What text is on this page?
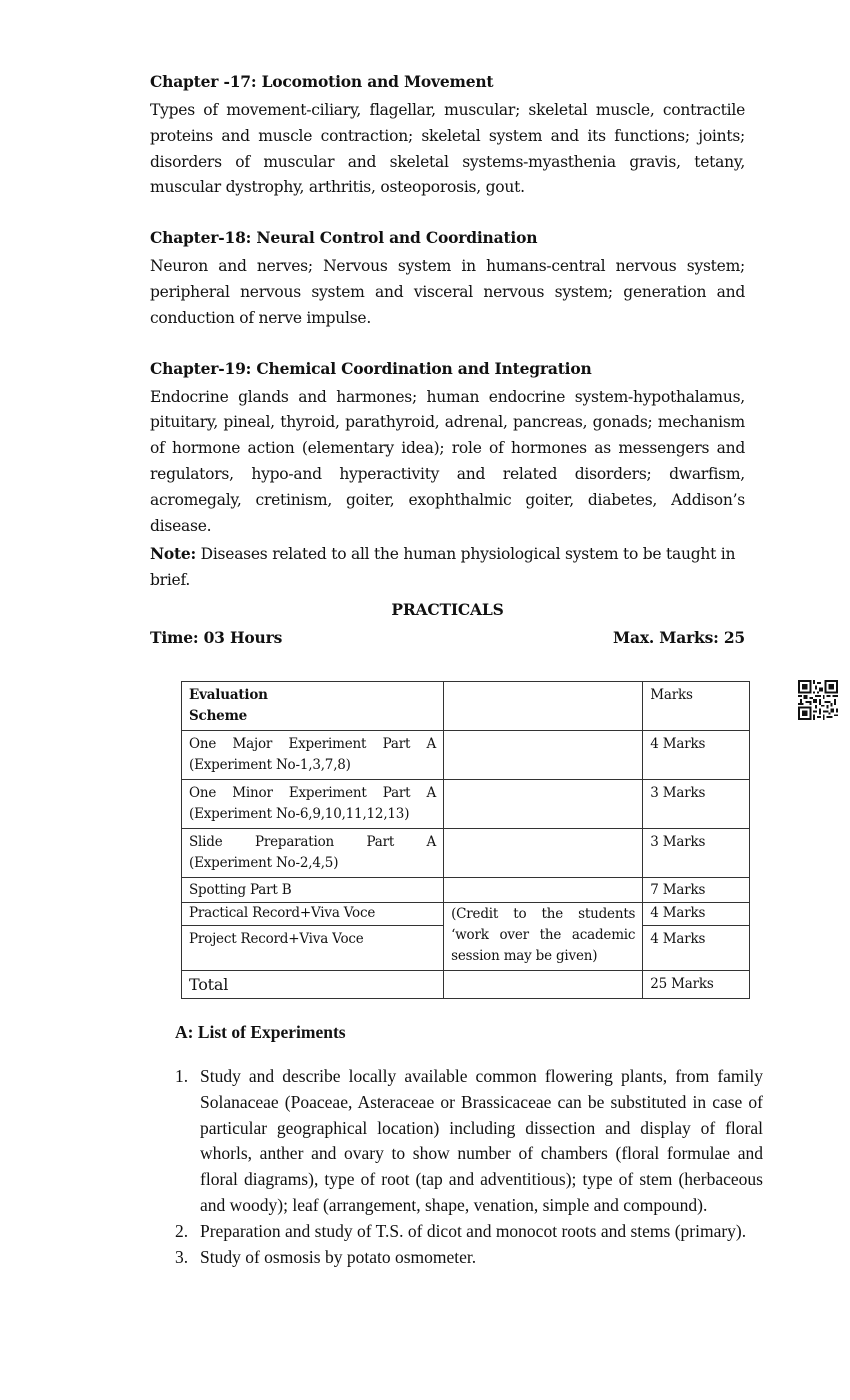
Chapter -17: Locomotion and Movement

Types of movement-ciliary, flagellar, muscular; skeletal muscle, contractile proteins and muscle contraction; skeletal system and its functions; joints; disorders of muscular and skeletal systems-myasthenia gravis, tetany, muscular dystrophy, arthritis, osteoporosis, gout.

Chapter-18: Neural Control and Coordination

Neuron and nerves; Nervous system in humans-central nervous system; peripheral nervous system and visceral nervous system; generation and conduction of nerve impulse.

Chapter-19: Chemical Coordination and Integration

Endocrine glands and harmones; human endocrine system-hypothalamus, pituitary, pineal, thyroid, parathyroid, adrenal, pancreas, gonads; mechanism of hormone action (elementary idea); role of hormones as messengers and regulators, hypo-and hyperactivity and related disorders; dwarfism, acromegaly, cretinism, goiter, exophthalmic goiter, diabetes, Addison’s disease.

Note: Diseases related to all the human physiological system to be taught in brief.

PRACTICALS
Time: 03 Hours	Max. Marks: 25
Evaluation
Scheme		Marks

One Major Experiment Part A
(Experiment No-1,3,7,8)		4 Marks

One Minor Experiment Part A
(Experiment No-6,9,10,11,12,13)		3 Marks

Slide Preparation Part A
(Experiment No-2,4,5)		3 Marks
Spotting Part B		7 Marks
Practical Record+Viva Voce	(Credit to the students ‘work over the academic session may be given)	4 Marks
Project Record+Viva Voce		4 Marks
Total		25 Marks
A: List of Experiments
1. Study and describe locally available common flowering plants, from family Solanaceae (Poaceae, Asteraceae or Brassicaceae can be substituted in case of particular geographical location) including dissection and display of floral whorls, anther and ovary to show number of chambers (floral formulae and floral diagrams), type of root (tap and adventitious); type of stem (herbaceous and woody); leaf (arrangement, shape, venation, simple and compound).
2. Preparation and study of T.S. of dicot and monocot roots and stems (primary).
3. Study of osmosis by potato osmometer.
